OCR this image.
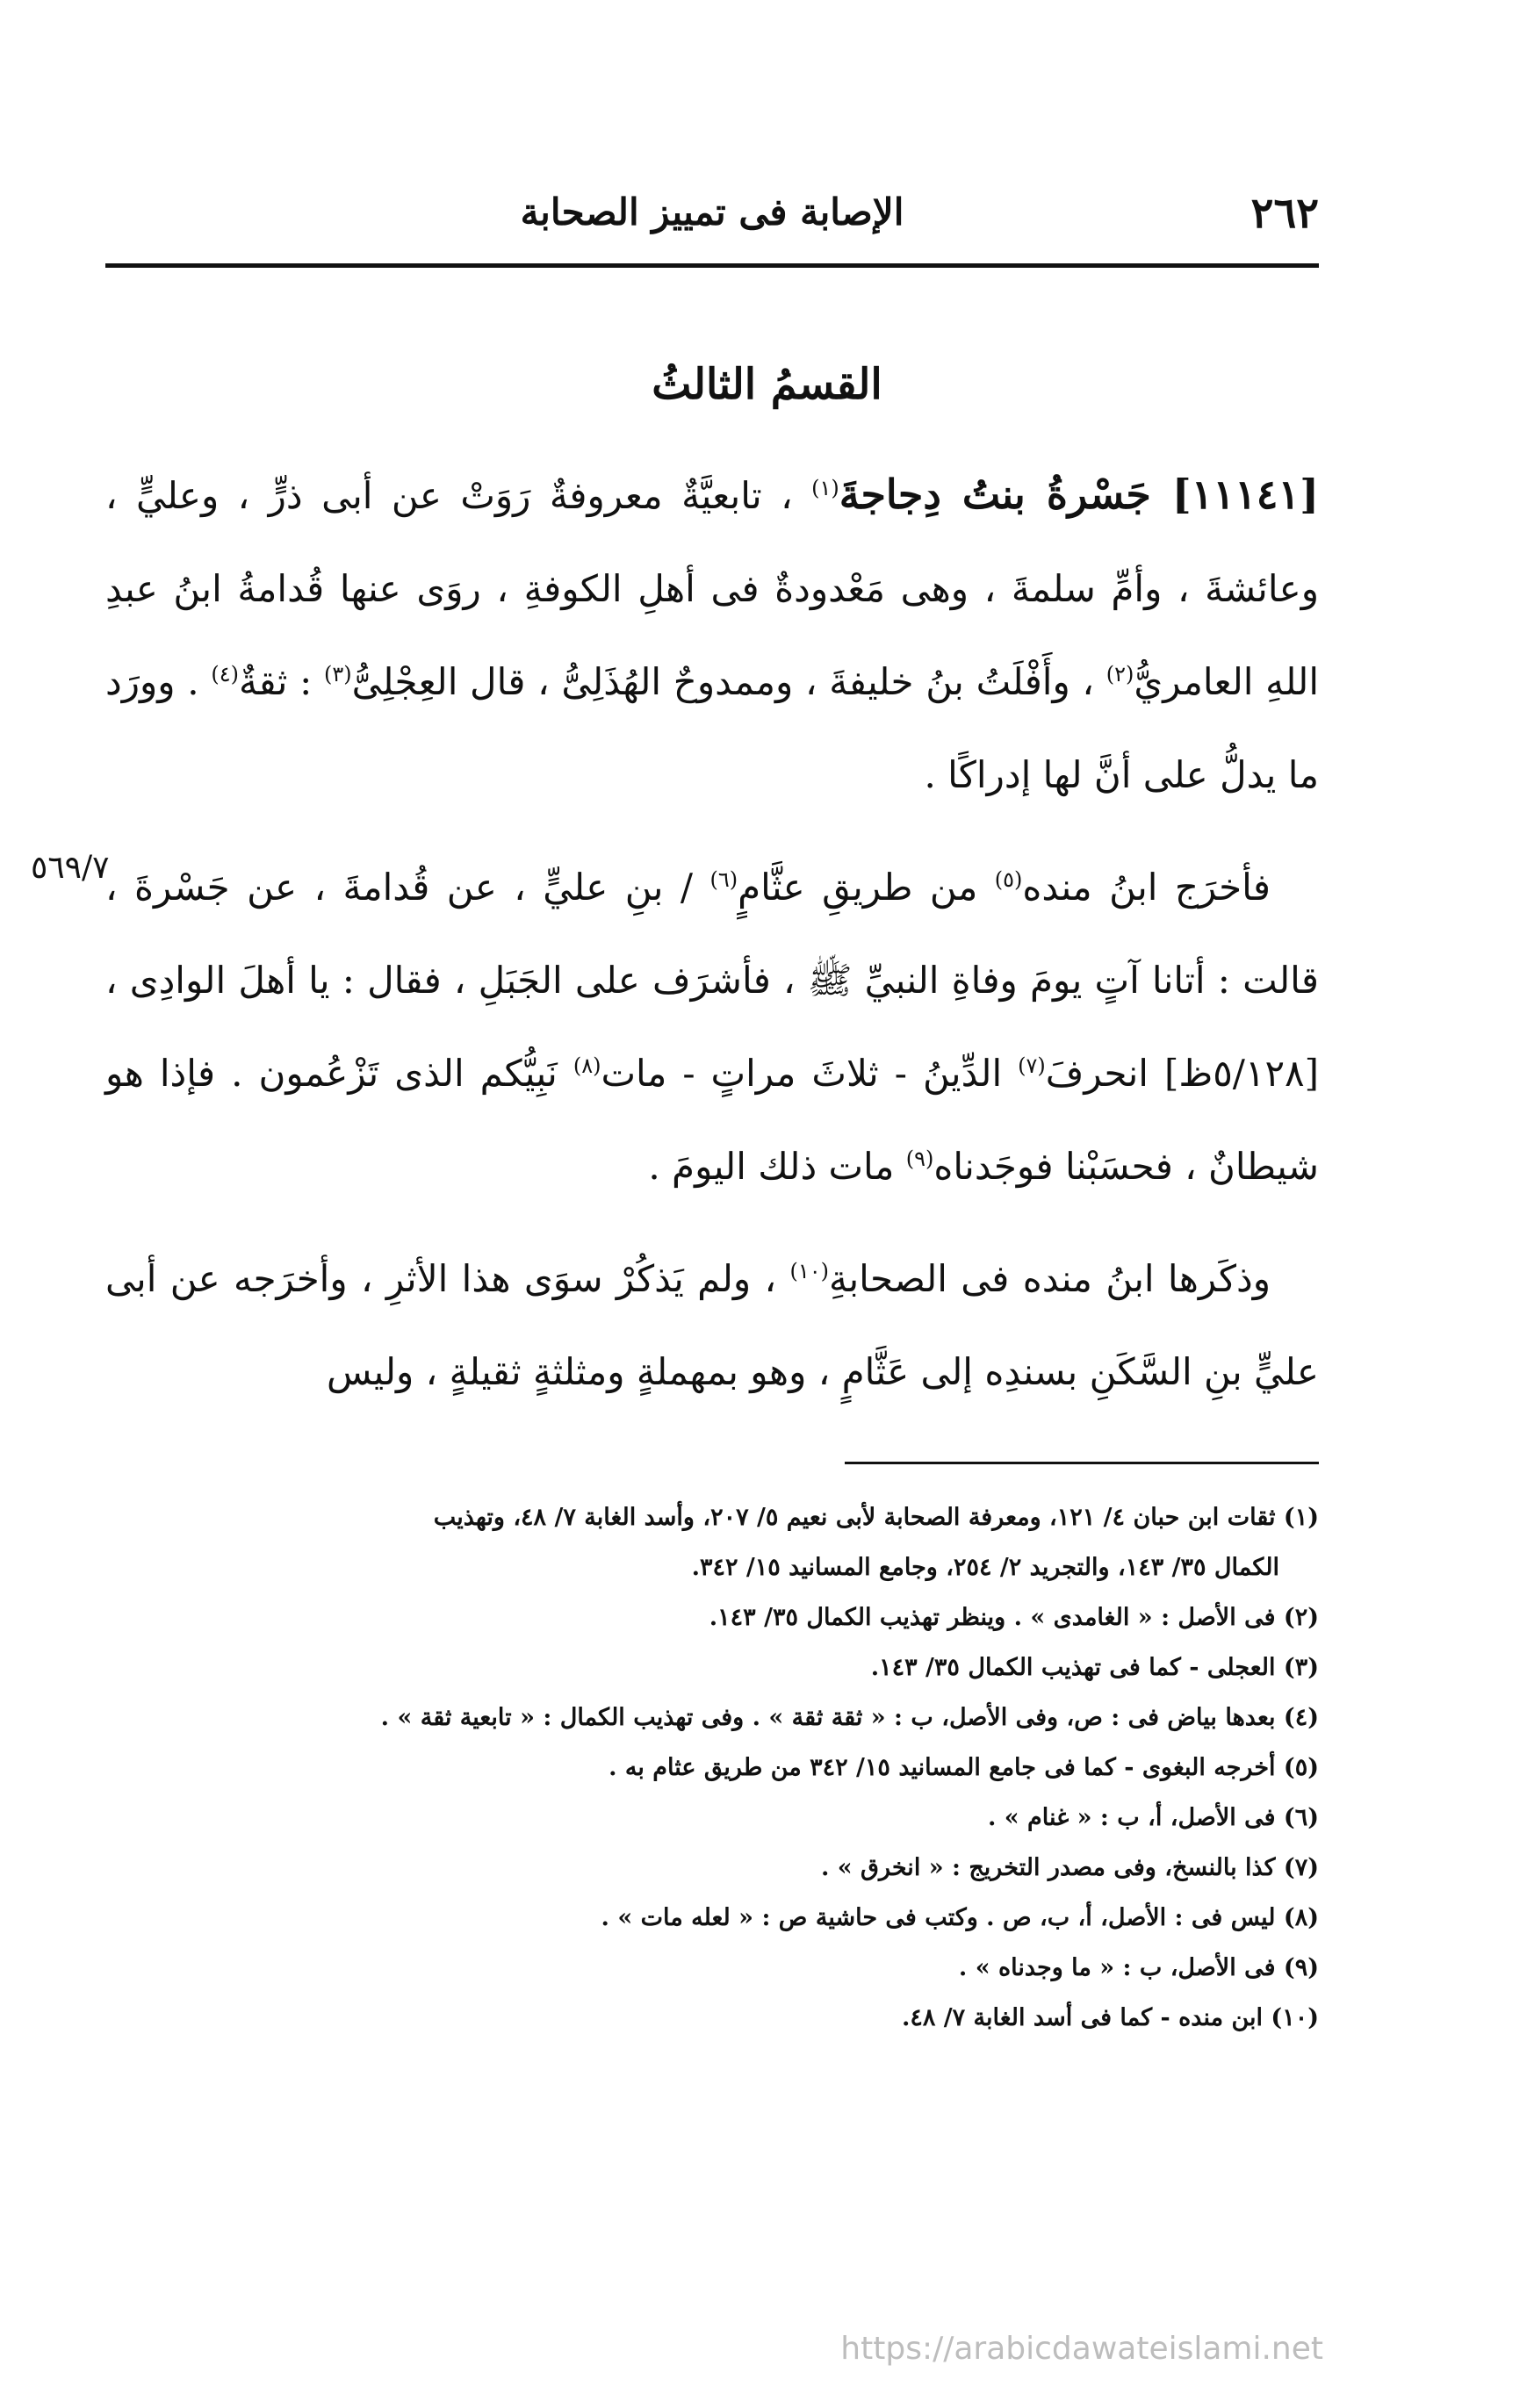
٢٦٢
الإصابة فى تمييز الصحابة
القسمُ الثالثُ
٥٦٩/٧

[١١١٤١] جَسْرةُ بنتُ دِجاجةَ$^{(١)}$ ، تابعيَّةٌ معروفةٌ رَوَتْ عن أبى ذرٍّ ، وعليٍّ ، وعائشةَ ، وأمِّ سلمةَ ، وهى مَعْدودةٌ فى أهلِ الكوفةِ ، روَى عنها قُدامةُ ابنُ عبدِ اللهِ العامريُّ$^{(٢)}$ ، وأَفْلَتُ بنُ خليفةَ ، وممدوحٌ الهُذَلِىُّ ، قال العِجْلِىُّ$^{(٣)}$ : ثقةٌ$^{(٤)}$ . وورَد ما يدلُّ على أنَّ لها إدراكًا .

فأخرَج ابنُ منده$^{(٥)}$ من طريقِ عثَّامٍ$^{(٦)}$ / بنِ عليٍّ ، عن قُدامةَ ، عن جَسْرةَ ، قالت : أتانا آتٍ يومَ وفاةِ النبيِّ ﷺ ، فأشرَف على الجَبَلِ ، فقال : يا أهلَ الوادِى ، [٥/١٢٨ظ] انحرفَ$^{(٧)}$ الدِّينُ - ثلاثَ مراتٍ - مات$^{(٨)}$ نَبِيُّكم الذى تَزْعُمون . فإذا هو شيطانٌ ، فحسَبْنا فوجَدناه$^{(٩)}$ مات ذلك اليومَ .

وذكَرها ابنُ منده فى الصحابةِ$^{(١٠)}$ ، ولم يَذكُرْ سوَى هذا الأثرِ ، وأخرَجه عن أبى عليٍّ بنِ السَّكَنِ بسندِه إلى عَثَّامٍ ، وهو بمهملةٍ ومثلثةٍ ثقيلةٍ ، وليس

(١) ثقات ابن حبان ٤/ ١٢١، ومعرفة الصحابة لأبى نعيم ٥/ ٢٠٧، وأسد الغابة ٧/ ٤٨، وتهذيب

الكمال ٣٥/ ١٤٣، والتجريد ٢/ ٢٥٤، وجامع المسانيد ١٥/ ٣٤٢.

(٢) فى الأصل : « الغامدى » . وينظر تهذيب الكمال ٣٥/ ١٤٣.

(٣) العجلى - كما فى تهذيب الكمال ٣٥/ ١٤٣.

(٤) بعدها بياض فى : ص، وفى الأصل، ب : « ثقة ثقة » . وفى تهذيب الكمال : « تابعية ثقة » .

(٥) أخرجه البغوى - كما فى جامع المسانيد ١٥/ ٣٤٢ من طريق عثام به .

(٦) فى الأصل، أ، ب : « غنام » .

(٧) كذا بالنسخ، وفى مصدر التخريج : « انخرق » .

(٨) ليس فى : الأصل، أ، ب، ص . وكتب فى حاشية ص : « لعله مات » .

(٩) فى الأصل، ب : « ما وجدناه » .

(١٠) ابن منده - كما فى أسد الغابة ٧/ ٤٨.

https://arabicdawateislami.net
